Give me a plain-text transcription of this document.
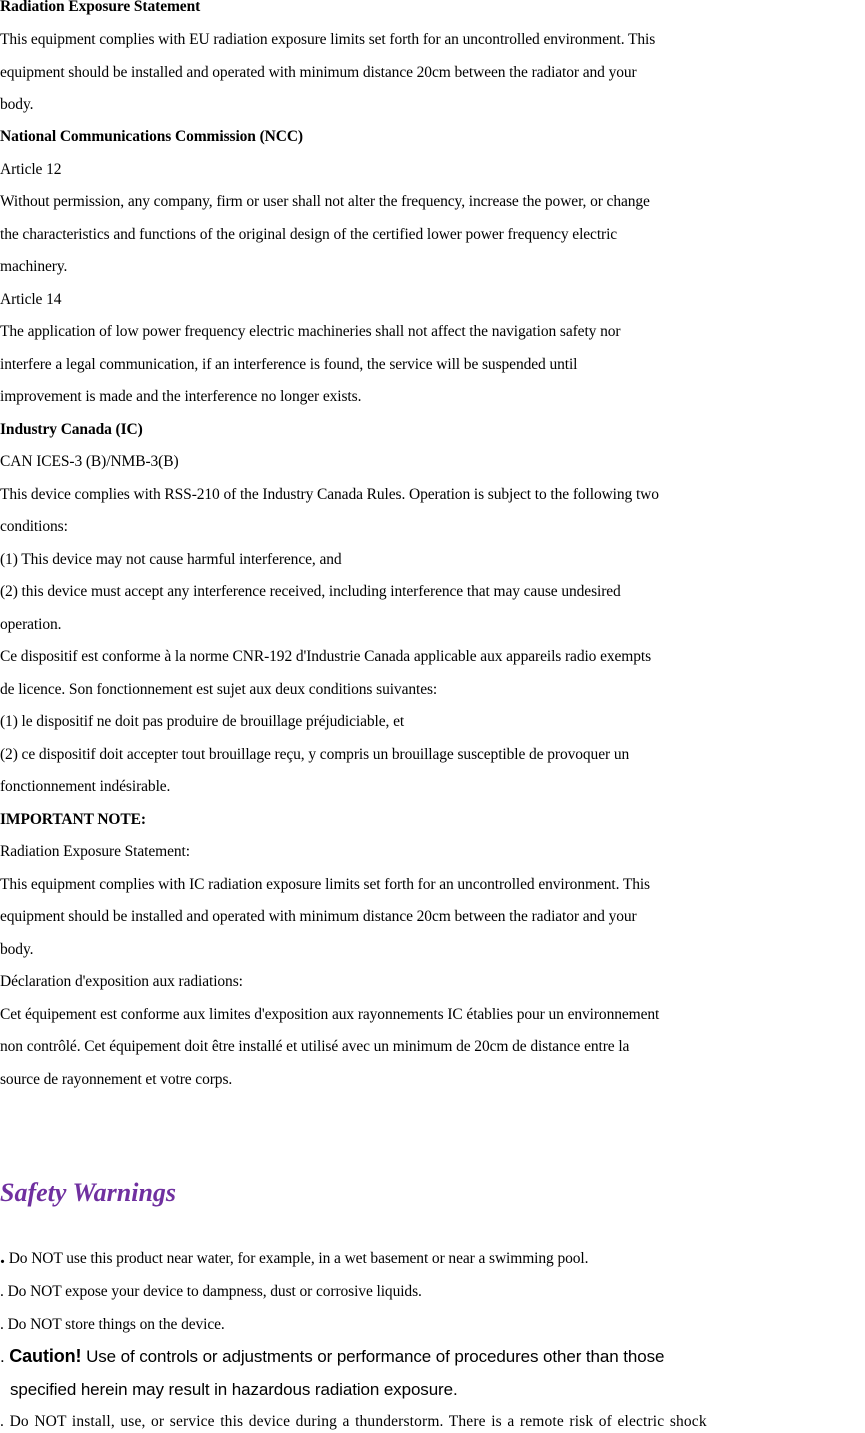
Radiation Exposure Statement
This equipment complies with EU radiation exposure limits set forth for an uncontrolled environment. This
equipment should be installed and operated with minimum distance 20cm between the radiator and your
body.
National Communications Commission (NCC)
Article 12
Without permission, any company, firm or user shall not alter the frequency, increase the power, or change
the characteristics and functions of the original design of the certified lower power frequency electric
machinery.
Article 14
The application of low power frequency electric machineries shall not affect the navigation safety nor
interfere a legal communication, if an interference is found, the service will be suspended until
improvement is made and the interference no longer exists.
Industry Canada (IC)
CAN ICES-3 (B)/NMB-3(B)
This device complies with RSS-210 of the Industry Canada Rules. Operation is subject to the following two
conditions:
(1) This device may not cause harmful interference, and
(2) this device must accept any interference received, including interference that may cause undesired
operation.
Ce dispositif est conforme à la norme CNR-192 d'Industrie Canada applicable aux appareils radio exempts
de licence. Son fonctionnement est sujet aux deux conditions suivantes:
(1) le dispositif ne doit pas produire de brouillage préjudiciable, et
(2) ce dispositif doit accepter tout brouillage reçu, y compris un brouillage susceptible de provoquer un
fonctionnement indésirable.
IMPORTANT NOTE:
Radiation Exposure Statement:
This equipment complies with IC radiation exposure limits set forth for an uncontrolled environment. This
equipment should be installed and operated with minimum distance 20cm between the radiator and your
body.
Déclaration d'exposition aux radiations:
Cet équipement est conforme aux limites d'exposition aux rayonnements IC établies pour un environnement
non contrôlé. Cet équipement doit être installé et utilisé avec un minimum de 20cm de distance entre la
source de rayonnement et votre corps.
Safety Warnings
. Do NOT use this product near water, for example, in a wet basement or near a swimming pool.
. Do NOT expose your device to dampness, dust or corrosive liquids.
. Do NOT store things on the device.
. Caution! Use of controls or adjustments or performance of procedures other than those
specified herein may result in hazardous radiation exposure.
. Do NOT install, use, or service this device during a thunderstorm. There is a remote risk of electric shock
